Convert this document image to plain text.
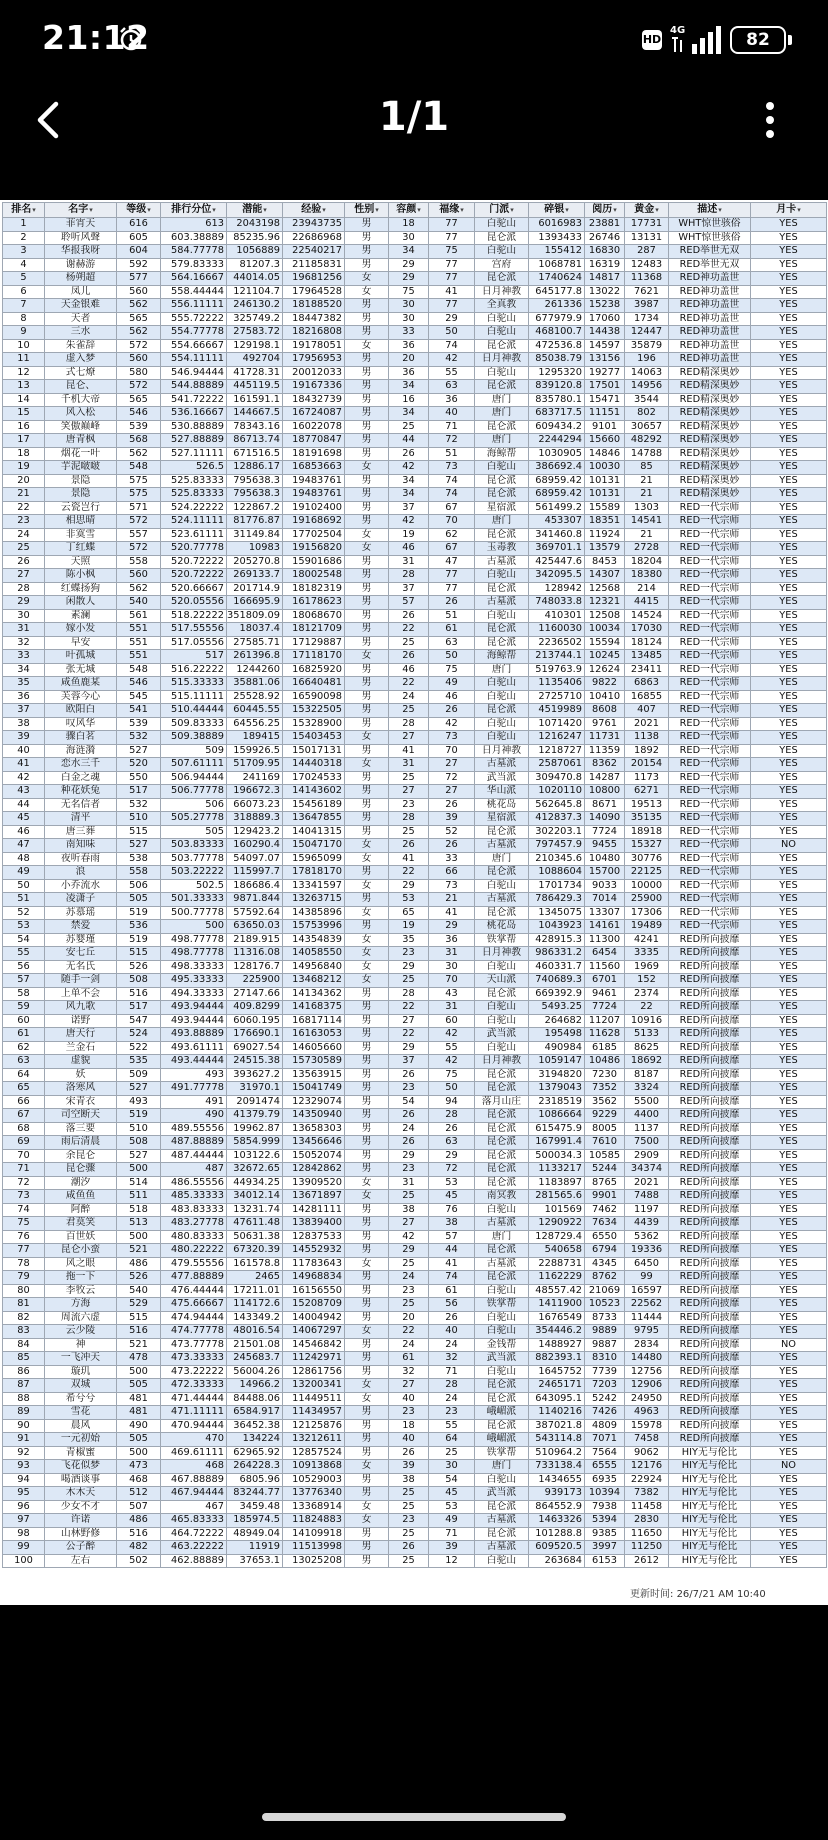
21:12	HD
4G	82
1/1
排名▾	名字▾	等级▾	排行分位▾	潜能▾	经验▾	性别▾	容颜▾	福缘▾	门派▾	碎银▾	阅历▾	黄金▾	描述▾	月卡▾
1	菲宵天	616	613	2043198	23943735	男	18	77	白驼山	6016983	23881	17731	WHT惊世骇俗	YES
2	聆听风聲	605	603.38889	85235.96	22686968	男	30	77	昆仑派	1393433	26746	13131	WHT惊世骇俗	YES
3	华报我呀	604	584.77778	1056889	22540217	男	34	75	白驼山	155412	16830	287	RED举世无双	YES
4	谢赫游	592	579.83333	81207.3	21185831	男	29	77	宫府	1068781	16319	12483	RED举世无双	YES
5	杨朔超	577	564.16667	44014.05	19681256	女	29	77	昆仑派	1740624	14817	11368	RED神功盖世	YES
6	凤儿	560	558.44444	121104.7	17964528	女	75	41	日月神教	645177.8	13022	7621	RED神功盖世	YES
7	天金银难	562	556.11111	246130.2	18188520	男	30	77	全真教	261336	15238	3987	RED神功盖世	YES
8	天者	565	555.72222	325749.2	18447382	男	30	29	白驼山	677979.9	17060	1734	RED神功盖世	YES
9	三水	562	554.77778	27583.72	18216808	男	33	50	白驼山	468100.7	14438	12447	RED神功盖世	YES
10	朱雀辞	572	554.66667	129198.1	19178051	女	36	74	昆仑派	472536.8	14597	35879	RED神功盖世	YES
11	虚入梦	560	554.11111	492704	17956953	男	20	42	日月神教	85038.79	13156	196	RED神功盖世	YES
12	式七燎	580	546.94444	41728.31	20012033	男	36	55	白驼山	1295320	19277	14063	RED精深奥妙	YES
13	昆仑、	572	544.88889	445119.5	19167336	男	34	63	昆仑派	839120.8	17501	14956	RED精深奥妙	YES
14	千机大帝	565	541.72222	161591.1	18432739	男	16	36	唐门	835780.1	15471	3544	RED精深奥妙	YES
15	风入松	546	536.16667	144667.5	16724087	男	34	40	唐门	683717.5	11151	802	RED精深奥妙	YES
16	笑傲巅峰	539	530.88889	78343.16	16022078	男	25	71	昆仑派	609434.2	9101	30657	RED精深奥妙	YES
17	唐青枫	568	527.88889	86713.74	18770847	男	44	72	唐门	2244294	15660	48292	RED精深奥妙	YES
18	烟花一叶	562	527.11111	671516.5	18191698	男	26	51	海鲸帮	1030905	14846	14788	RED精深奥妙	YES
19	芋泥啵啵	548	526.5	12886.17	16853663	女	42	73	白驼山	386692.4	10030	85	RED精深奥妙	YES
20	景隐	575	525.83333	795638.3	19483761	男	34	74	昆仑派	68959.42	10131	21	RED精深奥妙	YES
21	景隐	575	525.83333	795638.3	19483761	男	34	74	昆仑派	68959.42	10131	21	RED精深奥妙	YES
22	云瓷岂行	571	524.22222	122867.2	19102400	男	37	67	星宿派	561499.2	15589	1303	RED一代宗师	YES
23	相思晴	572	524.11111	81776.87	19168692	男	42	70	唐门	453307	18351	14541	RED一代宗师	YES
24	非寞雪	557	523.61111	31149.84	17702504	女	19	62	昆仑派	341460.8	11924	21	RED一代宗师	YES
25	丁红蝶	572	520.77778	10983	19156820	女	46	67	玉毒教	369701.1	13579	2728	RED一代宗师	YES
26	天照	558	520.72222	205270.8	15901686	男	31	47	古墓派	425447.6	8453	18204	RED一代宗师	YES
27	陈小枫	560	520.72222	269133.7	18002548	男	28	77	白驼山	342095.5	14307	18380	RED一代宗师	YES
28	红蝶扬狗	562	520.66667	201714.9	18182319	男	37	77	昆仑派	128942	12568	214	RED一代宗师	YES
29	闲散人	540	520.05556	166695.9	16178623	男	57	26	古墓派	748033.8	12321	4415	RED一代宗师	YES
30	素澜	561	518.22222	351809.09	18068670	男	26	51	白驼山	410301	12508	14524	RED一代宗师	YES
31	嫁小发	551	517.55556	18037.4	18121709	男	22	61	昆仑派	1160030	10034	17030	RED一代宗师	YES
32	早安	551	517.05556	27585.71	17129887	男	25	63	昆仑派	2236502	15594	18124	RED一代宗师	YES
33	叶孤城	551	517	261396.8	17118170	女	26	50	海鲸帮	213744.1	10245	13485	RED一代宗师	YES
34	张无城	548	516.22222	1244260	16825920	男	46	75	唐门	519763.9	12624	23411	RED一代宗师	YES
35	咸鱼鹿某	546	515.33333	35881.06	16640481	男	22	49	白驼山	1135406	9822	6863	RED一代宗师	YES
36	芙蓉今心	545	515.11111	25528.92	16590098	男	24	46	白驼山	2725710	10410	16855	RED一代宗师	YES
37	欧阳白	541	510.44444	60445.55	15322505	男	25	26	昆仑派	4519989	8608	407	RED一代宗师	YES
38	叹风华	539	509.83333	64556.25	15328900	男	28	42	白驼山	1071420	9761	2021	RED一代宗师	YES
39	骤白茗	532	509.38889	189415	15403453	女	27	73	白驼山	1216247	11731	1138	RED一代宗师	YES
40	海涟漪	527	509	159926.5	15017131	男	41	70	日月神教	1218727	11359	1892	RED一代宗师	YES
41	恋水三千	520	507.61111	51709.95	14440318	女	31	27	古墓派	2587061	8362	20154	RED一代宗师	YES
42	白金之魂	550	506.94444	241169	17024533	男	25	72	武当派	309470.8	14287	1173	RED一代宗师	YES
43	种花妖兔	517	506.77778	196672.3	14143602	男	27	27	华山派	1020110	10800	6271	RED一代宗师	YES
44	无名信者	532	506	66073.23	15456189	男	23	26	桃花岛	562645.8	8671	19513	RED一代宗师	YES
45	清平	510	505.27778	318889.3	13647855	男	28	39	星宿派	412837.3	14090	35135	RED一代宗师	YES
46	唐三葬	515	505	129423.2	14041315	男	25	52	昆仑派	302203.1	7724	18918	RED一代宗师	YES
47	南知味	527	503.83333	160290.4	15047170	女	26	26	古墓派	797457.9	9455	15327	RED一代宗师	NO
48	夜听春雨	538	503.77778	54097.07	15965099	女	41	33	唐门	210345.6	10480	30776	RED一代宗师	YES
49	浪	558	503.22222	115997.7	17818170	男	22	66	昆仑派	1088604	15700	22125	RED一代宗师	YES
50	小乔流水	506	502.5	186686.4	13341597	女	29	73	白驼山	1701734	9033	10000	RED一代宗师	YES
51	凌潇子	505	501.33333	9871.844	13263715	男	53	21	古墓派	786429.3	7014	25900	RED一代宗师	YES
52	苏慕瑶	519	500.77778	57592.64	14385896	女	65	41	昆仑派	1345075	13307	17306	RED一代宗师	YES
53	禁爱	536	500	63650.03	15753996	男	19	29	桃花岛	1043923	14161	19489	RED一代宗师	YES
54	苏婴瑾	519	498.77778	2189.915	14354839	女	35	36	铁掌帮	428915.3	11300	4241	RED所向披靡	YES
55	安七丘	515	498.77778	11316.08	14058550	女	23	31	日月神教	986331.2	6454	3335	RED所向披靡	YES
56	无名氏	526	498.33333	128176.7	14956840	女	29	30	白驼山	460331.7	11560	1969	RED所向披靡	YES
57	随手一剑	508	495.33333	225900	13468212	女	25	70	天山派	740689.3	6701	152	RED所向披靡	YES
58	上单不会	516	494.33333	27147.66	14134362	男	28	43	昆仑派	669392.9	9461	2374	RED所向披靡	YES
59	风九歌	517	493.94444	409.8299	14168375	男	22	31	白驼山	5493.25	7724	22	RED所向披靡	YES
60	诺野	547	493.94444	6060.195	16817114	男	27	60	白驼山	264682	11207	10916	RED所向披靡	YES
61	唐天行	524	493.88889	176690.1	16163053	男	22	42	武当派	195498	11628	5133	RED所向披靡	YES
62	兰金石	522	493.61111	69027.54	14605660	男	29	55	白驼山	490984	6185	8625	RED所向披靡	YES
63	虚貌	535	493.44444	24515.38	15730589	男	37	42	日月神教	1059147	10486	18692	RED所向披靡	YES
64	妖	509	493	393627.2	13563915	男	26	75	昆仑派	3194820	7230	8187	RED所向披靡	YES
65	洛寒风	527	491.77778	31970.1	15041749	男	23	50	昆仑派	1379043	7352	3324	RED所向披靡	YES
66	宋青衣	493	491	2091474	12329074	男	54	94	落月山庄	2318519	3562	5500	RED所向披靡	YES
67	司空断天	519	490	41379.79	14350940	男	26	28	昆仑派	1086664	9229	4400	RED所向披靡	YES
68	落三要	510	489.55556	19962.87	13658303	男	24	26	昆仑派	615475.9	8005	1137	RED所向披靡	YES
69	雨后清晨	508	487.88889	5854.999	13456646	男	26	63	昆仑派	167991.4	7610	7500	RED所向披靡	YES
70	余昆仑	527	487.44444	103122.6	15052074	男	29	29	昆仑派	500034.3	10585	2909	RED所向披靡	YES
71	昆仑骤	500	487	32672.65	12842862	男	23	72	昆仑派	1133217	5244	34374	RED所向披靡	YES
72	潮汐	514	486.55556	44934.25	13909520	女	31	53	昆仑派	1183897	8765	2021	RED所向披靡	YES
73	咸鱼鱼	511	485.33333	34012.14	13671897	女	25	45	南冥教	281565.6	9901	7488	RED所向披靡	YES
74	阿醉	518	483.83333	13231.74	14281111	男	38	76	白驼山	101569	7462	1197	RED所向披靡	YES
75	君莫笑	513	483.27778	47611.48	13839400	男	27	38	古墓派	1290922	7634	4439	RED所向披靡	YES
76	百世妖	500	480.83333	50631.38	12837533	男	42	57	唐门	128729.4	6550	5362	RED所向披靡	YES
77	昆仑小蛮	521	480.22222	67320.39	14552932	男	29	44	昆仑派	540658	6794	19336	RED所向披靡	YES
78	风之眼	486	479.55556	161578.8	11783643	女	25	41	古墓派	2288731	4345	6450	RED所向披靡	YES
79	拖一下	526	477.88889	2465	14968834	男	24	74	昆仑派	1162229	8762	99	RED所向披靡	YES
80	李牧云	540	476.44444	17211.01	16156550	男	23	61	白驼山	48557.42	21069	16597	RED所向披靡	YES
81	方海	529	475.66667	114172.6	15208709	男	25	56	铁掌帮	1411900	10523	22562	RED所向披靡	YES
82	周流六虚	515	474.94444	143349.2	14004942	男	20	26	白驼山	1676549	8733	11444	RED所向披靡	YES
83	云少陵	516	474.77778	48016.54	14067297	女	22	40	白驼山	354446.2	9889	9795	RED所向披靡	YES
84	神	521	473.77778	21501.08	14546842	男	24	24	金钱帮	1488927	9887	2834	RED所向披靡	NO
85	一飞冲天	478	473.33333	245683.7	11242971	男	61	32	武当派	882393.1	8310	14480	RED所向披靡	YES
86	璇玑	500	473.22222	56004.26	12861756	男	32	71	白驼山	1645752	7739	12756	RED所向披靡	YES
87	双城	505	472.33333	14966.2	13200341	女	27	28	昆仑派	2465171	7203	12906	RED所向披靡	YES
88	希兮兮	481	471.44444	84488.06	11449511	女	40	24	昆仑派	643095.1	5242	24950	RED所向披靡	YES
89	雪花	481	471.11111	6584.917	11434957	男	23	23	峨嵋派	1140216	7426	4963	RED所向披靡	YES
90	晨风	490	470.94444	36452.38	12125876	男	18	55	昆仑派	387021.8	4809	15978	RED所向披靡	YES
91	一元初始	505	470	134224	13212611	男	40	64	峨嵋派	543114.8	7071	7458	RED所向披靡	YES
92	青椒蜜	500	469.61111	62965.92	12857524	男	26	25	铁掌帮	510964.2	7564	9062	HIY无与伦比	YES
93	飞花似梦	473	468	264228.3	10913868	女	39	30	唐门	733138.4	6555	12176	HIY无与伦比	NO
94	喝酒谈事	468	467.88889	6805.96	10529003	男	38	54	白驼山	1434655	6935	22924	HIY无与伦比	YES
95	木木天	512	467.94444	83244.77	13776340	男	25	45	武当派	939173	10394	7382	HIY无与伦比	YES
96	少女不才	507	467	3459.48	13368914	女	25	53	昆仑派	864552.9	7938	11458	HIY无与伦比	YES
97	许诺	486	465.83333	185974.5	11824883	女	23	49	古墓派	1463326	5394	2830	HIY无与伦比	YES
98	山林野修	516	464.72222	48949.04	14109918	男	25	71	昆仑派	101288.8	9385	11650	HIY无与伦比	YES
99	公子醉	482	463.22222	11919	11513998	男	26	39	古墓派	609520.5	3997	11250	HIY无与伦比	YES
100	左右	502	462.88889	37653.1	13025208	男	25	12	白驼山	263684	6153	2612	HIY无与伦比	YES
更新时间: 26/7/21 AM 10:40
